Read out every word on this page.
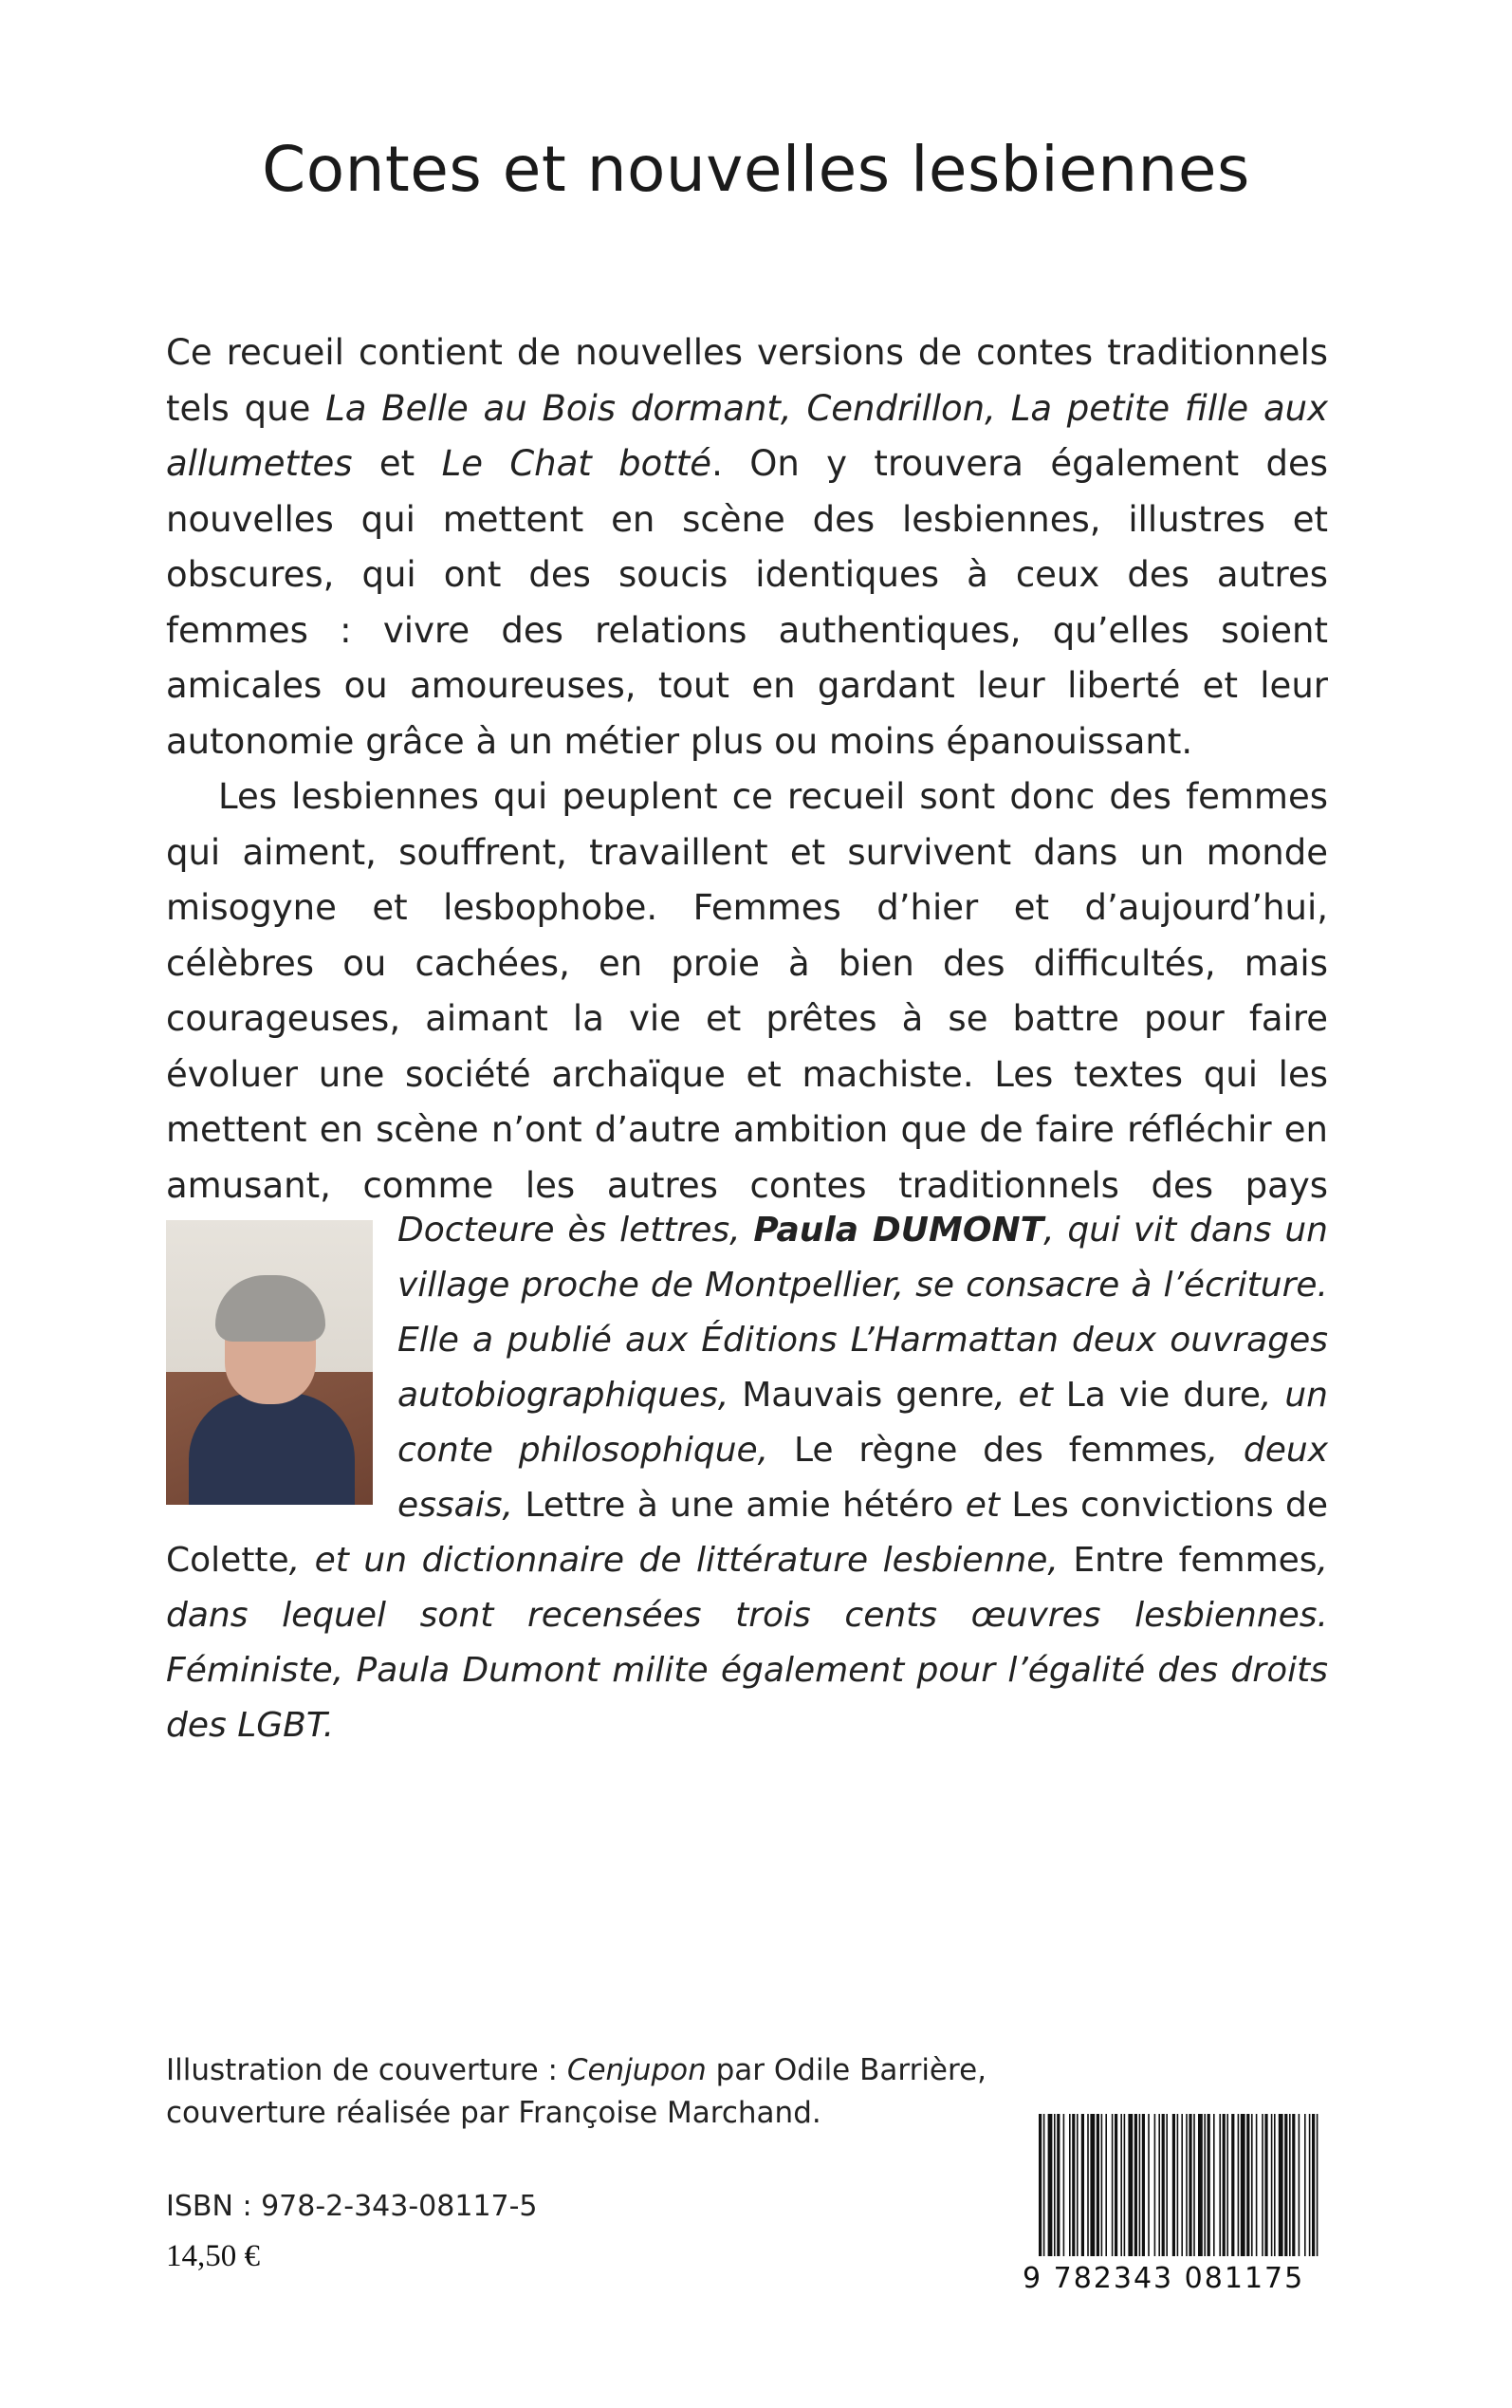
Contes et nouvelles lesbiennes

Ce recueil contient de nouvelles versions de contes traditionnels tels que La Belle au Bois dormant, Cendrillon, La petite fille aux allumettes et Le Chat botté. On y trouvera également des nouvelles qui mettent en scène des lesbiennes, illustres et obscures, qui ont des soucis identiques à ceux des autres femmes : vivre des relations authentiques, qu’elles soient amicales ou amoureuses, tout en gardant leur liberté et leur autonomie grâce à un métier plus ou moins épanouissant.

Les lesbiennes qui peuplent ce recueil sont donc des femmes qui aiment, souffrent, travaillent et survivent dans un monde misogyne et lesbophobe. Femmes d’hier et d’aujourd’hui, célèbres ou cachées, en proie à bien des difficultés, mais courageuses, aimant la vie et prêtes à se battre pour faire évoluer une société archaïque et machiste. Les textes qui les mettent en scène n’ont d’autre ambition que de faire réfléchir en amusant, comme les autres contes traditionnels des pays

Docteure ès lettres, Paula DUMONT, qui vit dans un village proche de Montpellier, se consacre à l’écriture. Elle a publié aux Éditions L’Harmattan deux ouvrages autobiographiques, Mauvais genre, et La vie dure, un conte philosophique, Le règne des femmes, deux essais, Lettre à une amie hétéro et Les convictions de Colette, et un dictionnaire de littérature lesbienne, Entre femmes, dans lequel sont recensées trois cents œuvres lesbiennes. Féministe, Paula Dumont milite également pour l’égalité des droits des LGBT.
Illustration de couverture : Cenjupon par Odile Barrière,
couverture réalisée par Françoise Marchand.
ISBN : 978-2-343-08117-5
14,50 €
9 782343 081175
